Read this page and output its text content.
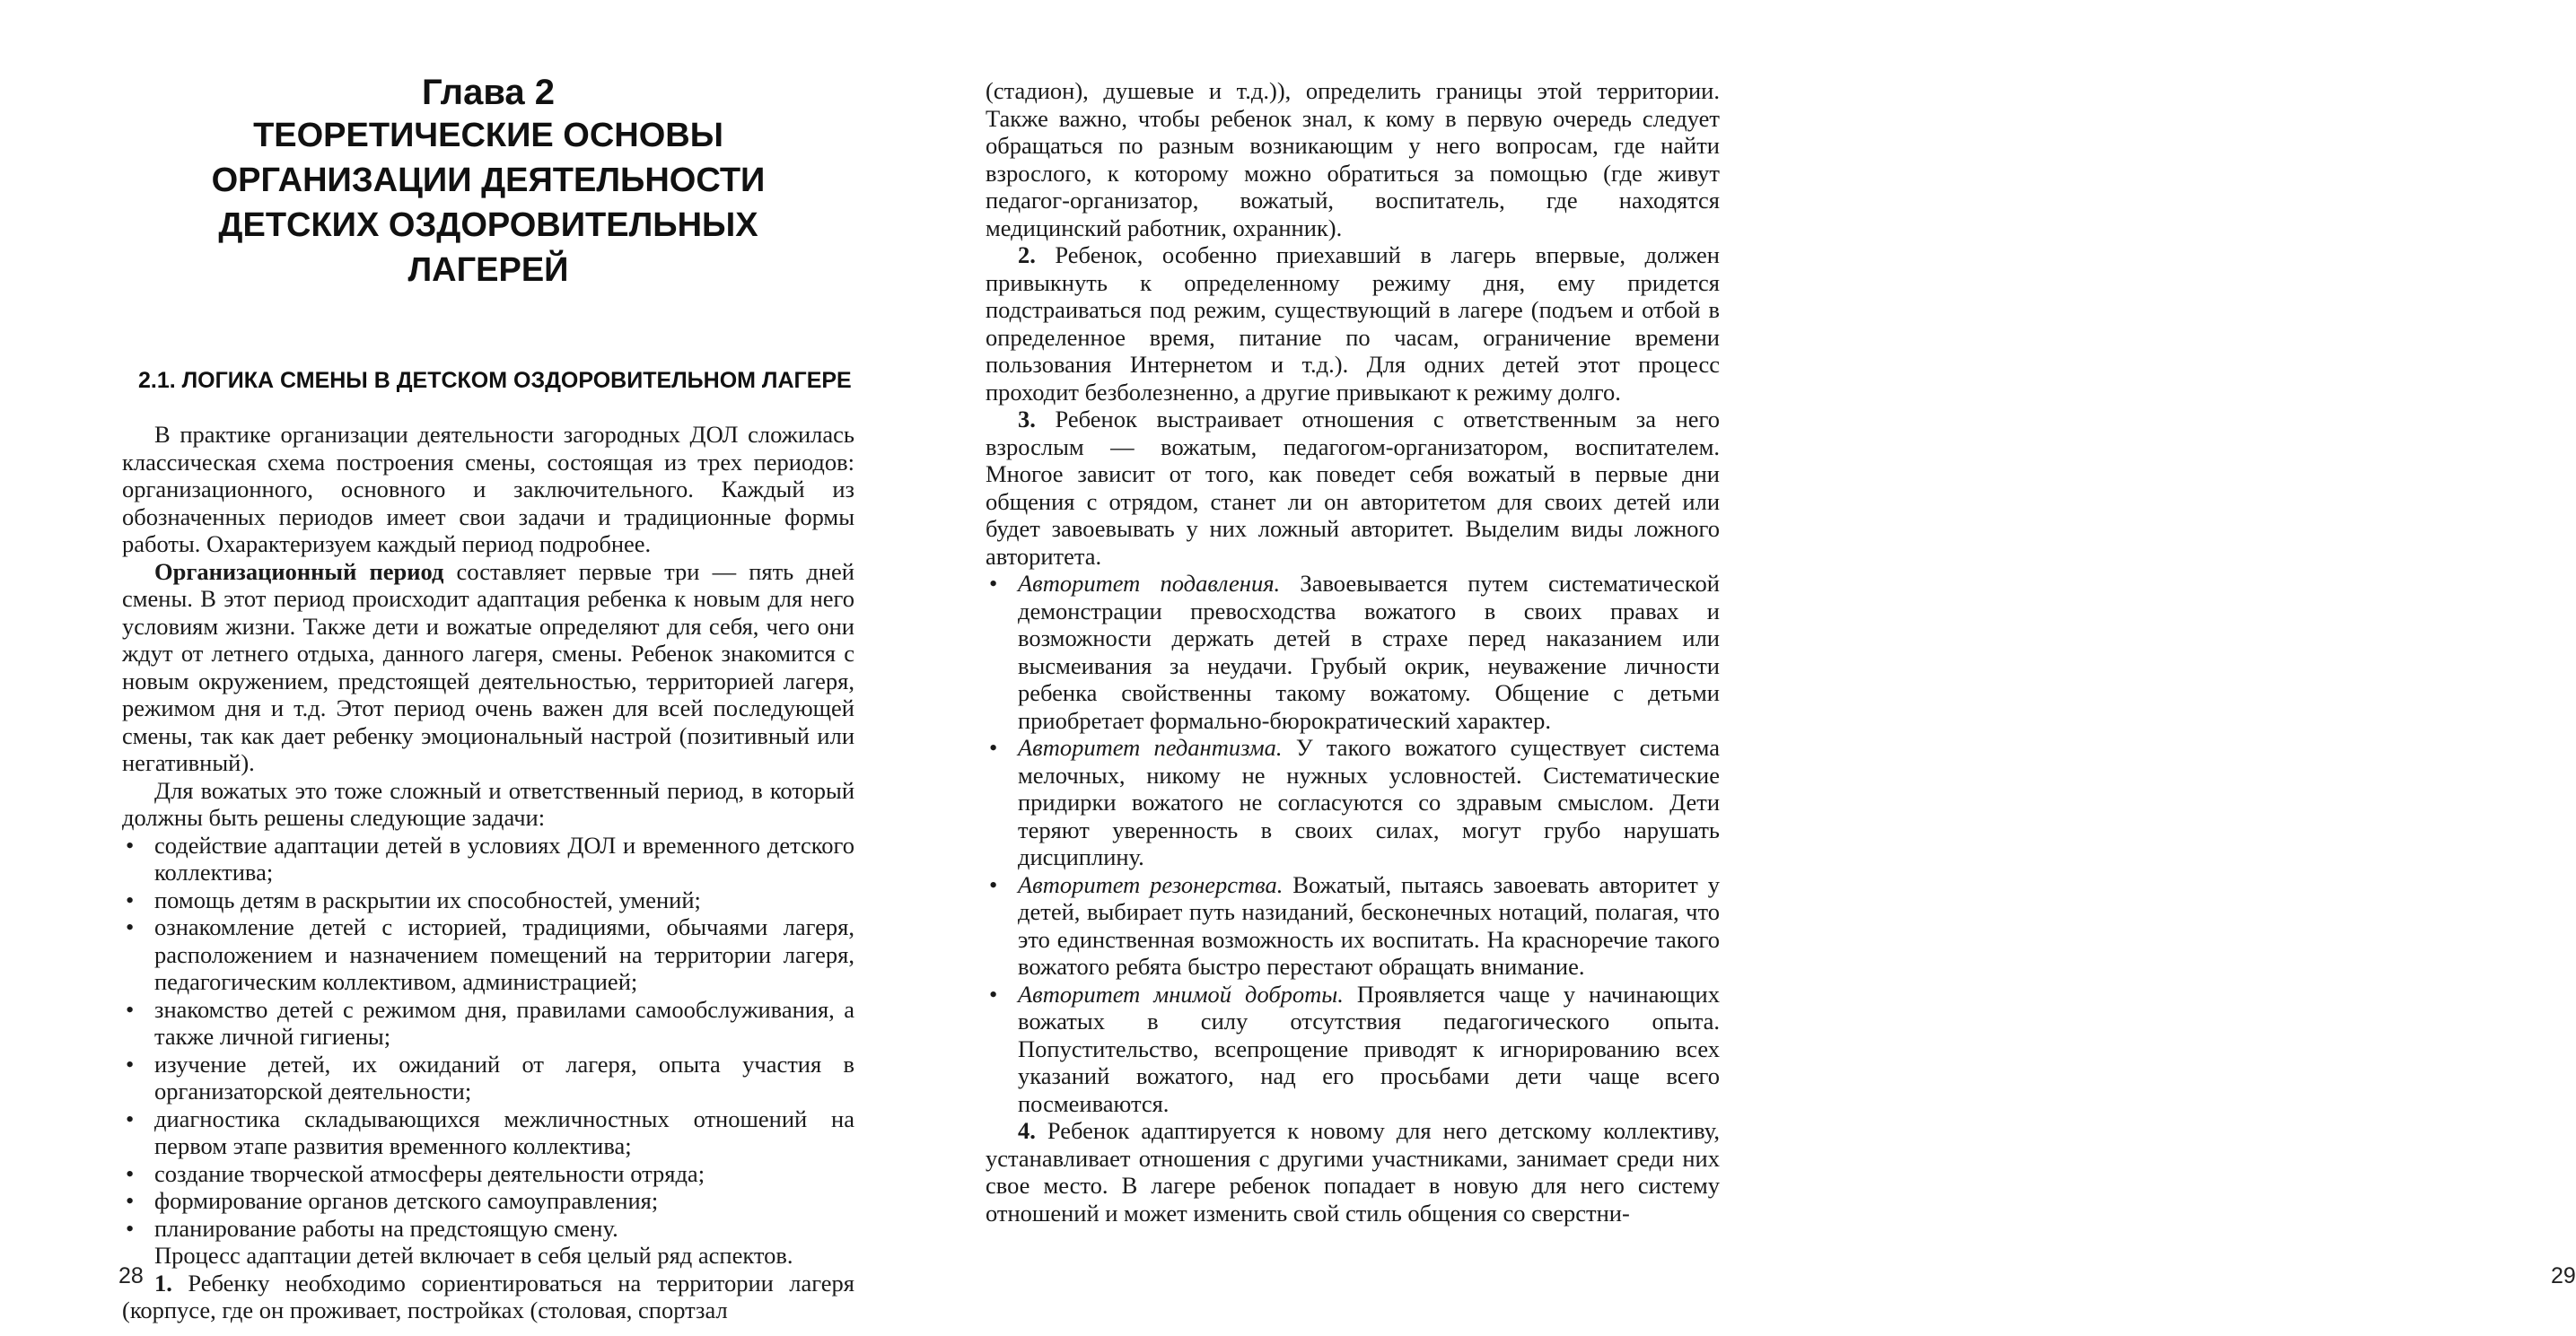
Глава 2
ТЕОРЕТИЧЕСКИЕ ОСНОВЫ ОРГАНИЗАЦИИ ДЕЯТЕЛЬНОСТИ ДЕТСКИХ ОЗДОРОВИТЕЛЬНЫХ ЛАГЕРЕЙ
2.1. ЛОГИКА СМЕНЫ В ДЕТСКОМ ОЗДОРОВИТЕЛЬНОМ ЛАГЕРЕ

В практике организации деятельности загородных ДОЛ сложилась классическая схема построения смены, состоящая из трех периодов: организационного, основного и заключительного. Каждый из обозначенных периодов имеет свои задачи и традиционные формы работы. Охарактеризуем каждый период подробнее.

Организационный период составляет первые три — пять дней смены. В этот период происходит адаптация ребенка к новым для него условиям жизни. Также дети и вожатые определяют для себя, чего они ждут от летнего отдыха, данного лагеря, смены. Ребенок знакомится с новым окружением, предстоящей деятельностью, территорией лагеря, режимом дня и т.д. Этот период очень важен для всей последующей смены, так как дает ребенку эмоциональный настрой (позитивный или негативный).

Для вожатых это тоже сложный и ответственный период, в который должны быть решены следующие задачи:

• содействие адаптации детей в условиях ДОЛ и временного детского коллектива;
• помощь детям в раскрытии их способностей, умений;
• ознакомление детей с историей, традициями, обычаями лагеря, расположением и назначением помещений на территории лагеря, педагогическим коллективом, администрацией;
• знакомство детей с режимом дня, правилами самообслуживания, а также личной гигиены;
• изучение детей, их ожиданий от лагеря, опыта участия в организаторской деятельности;
• диагностика складывающихся межличностных отношений на первом этапе развития временного коллектива;
• создание творческой атмосферы деятельности отряда;
• формирование органов детского самоуправления;
• планирование работы на предстоящую смену.

Процесс адаптации детей включает в себя целый ряд аспектов.

1. Ребенку необходимо сориентироваться на территории лагеря (корпусе, где он проживает, постройках (столовая, спортзал

28

(стадион), душевые и т.д.)), определить границы этой территории. Также важно, чтобы ребенок знал, к кому в первую очередь следует обращаться по разным возникающим у него вопросам, где найти взрослого, к которому можно обратиться за помощью (где живут педагог-организатор, вожатый, воспитатель, где находятся медицинский работник, охранник).

2. Ребенок, особенно приехавший в лагерь впервые, должен привыкнуть к определенному режиму дня, ему придется подстраиваться под режим, существующий в лагере (подъем и отбой в определенное время, питание по часам, ограничение времени пользования Интернетом и т.д.). Для одних детей этот процесс проходит безболезненно, а другие привыкают к режиму долго.

3. Ребенок выстраивает отношения с ответственным за него взрослым — вожатым, педагогом-организатором, воспитателем. Многое зависит от того, как поведет себя вожатый в первые дни общения с отрядом, станет ли он авторитетом для своих детей или будет завоевывать у них ложный авторитет. Выделим виды ложного авторитета.

• Авторитет подавления. Завоевывается путем систематической демонстрации превосходства вожатого в своих правах и возможности держать детей в страхе перед наказанием или высмеивания за неудачи. Грубый окрик, неуважение личности ребенка свойственны такому вожатому. Общение с детьми приобретает формально-бюрократический характер.
• Авторитет педантизма. У такого вожатого существует система мелочных, никому не нужных условностей. Систематические придирки вожатого не согласуются со здравым смыслом. Дети теряют уверенность в своих силах, могут грубо нарушать дисциплину.
• Авторитет резонерства. Вожатый, пытаясь завоевать авторитет у детей, выбирает путь назиданий, бесконечных нотаций, полагая, что это единственная возможность их воспитать. На красноречие такого вожатого ребята быстро перестают обращать внимание.
• Авторитет мнимой доброты. Проявляется чаще у начинающих вожатых в силу отсутствия педагогического опыта. Попустительство, всепрощение приводят к игнорированию всех указаний вожатого, над его просьбами дети чаще всего посмеиваются.

4. Ребенок адаптируется к новому для него детскому коллективу, устанавливает отношения с другими участниками, занимает среди них свое место. В лагере ребенок попадает в новую для него систему отношений и может изменить свой стиль общения со сверстни-

29
